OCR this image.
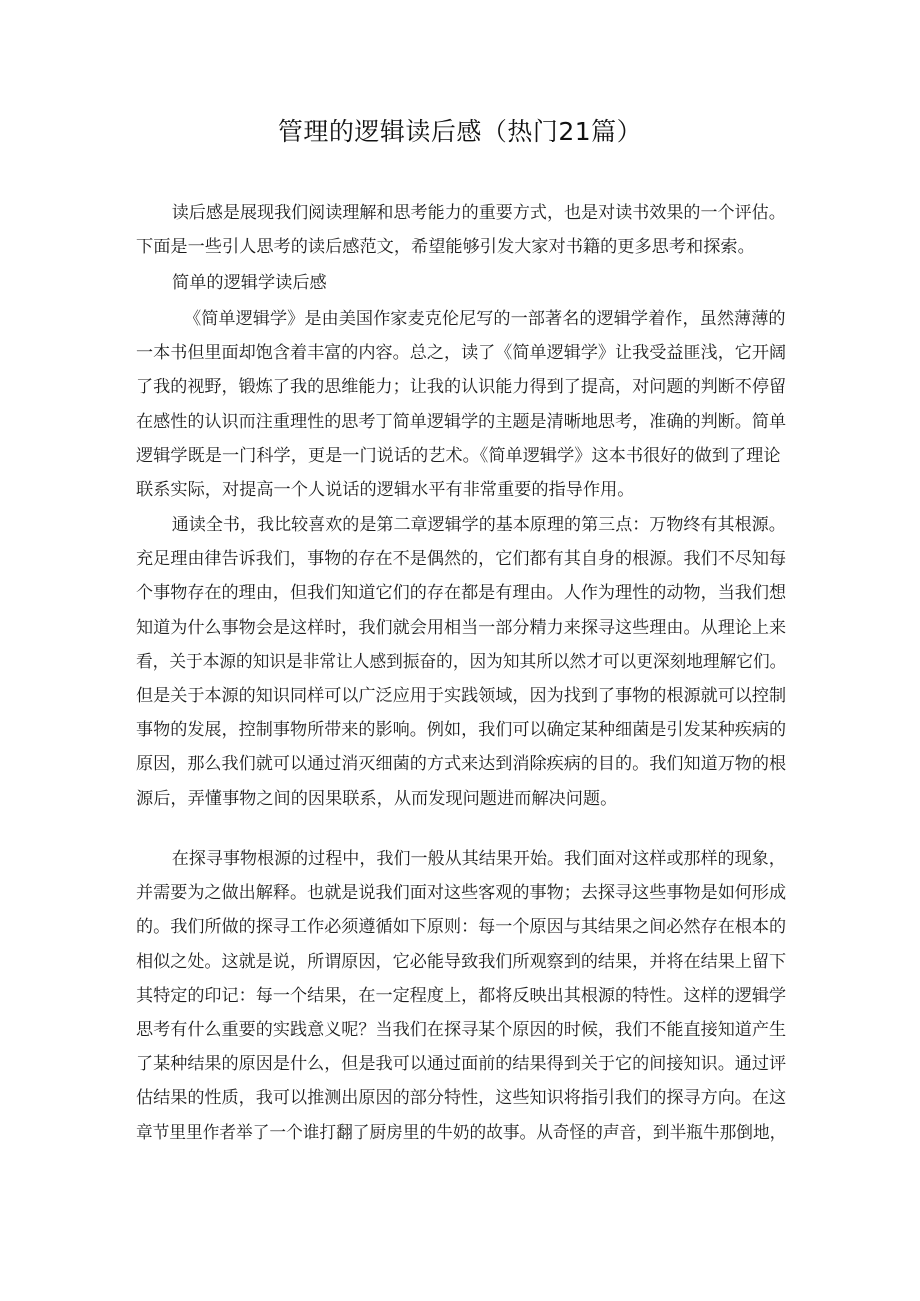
管理的逻辑读后感（热门21篇）
读后感是展现我们阅读理解和思考能力的重要方式，也是对读书效果的一个评估。
下面是一些引人思考的读后感范文，希望能够引发大家对书籍的更多思考和探索。
简单的逻辑学读后感
《简单逻辑学》是由美国作家麦克伦尼写的一部著名的逻辑学着作，虽然薄薄的
一本书但里面却饱含着丰富的内容。总之，读了《简单逻辑学》让我受益匪浅，它开阔
了我的视野，锻炼了我的思维能力；让我的认识能力得到了提高，对问题的判断不停留
在感性的认识而注重理性的思考丁简单逻辑学的主题是清晰地思考，准确的判断。简单
逻辑学既是一门科学，更是一门说话的艺术。《简单逻辑学》这本书很好的做到了理论
联系实际，对提高一个人说话的逻辑水平有非常重要的指导作用。
通读全书，我比较喜欢的是第二章逻辑学的基本原理的第三点：万物终有其根源。
充足理由律告诉我们，事物的存在不是偶然的，它们都有其自身的根源。我们不尽知每
个事物存在的理由，但我们知道它们的存在都是有理由。人作为理性的动物，当我们想
知道为什么事物会是这样时，我们就会用相当一部分精力来探寻这些理由。从理论上来
看，关于本源的知识是非常让人感到振奋的，因为知其所以然才可以更深刻地理解它们。
但是关于本源的知识同样可以广泛应用于实践领域，因为找到了事物的根源就可以控制
事物的发展，控制事物所带来的影响。例如，我们可以确定某种细菌是引发某种疾病的
原因，那么我们就可以通过消灭细菌的方式来达到消除疾病的目的。我们知道万物的根
源后，弄懂事物之间的因果联系，从而发现问题进而解决问题。
在探寻事物根源的过程中，我们一般从其结果开始。我们面对这样或那样的现象，
并需要为之做出解释。也就是说我们面对这些客观的事物；去探寻这些事物是如何形成
的。我们所做的探寻工作必须遵循如下原则：每一个原因与其结果之间必然存在根本的
相似之处。这就是说，所谓原因，它必能导致我们所观察到的结果，并将在结果上留下
其特定的印记：每一个结果，在一定程度上，都将反映出其根源的特性。这样的逻辑学
思考有什么重要的实践意义呢？当我们在探寻某个原因的时候，我们不能直接知道产生
了某种结果的原因是什么，但是我可以通过面前的结果得到关于它的间接知识。通过评
估结果的性质，我可以推测出原因的部分特性，这些知识将指引我们的探寻方向。在这
章节里里作者举了一个谁打翻了厨房里的牛奶的故事。从奇怪的声音，到半瓶牛那倒地，
